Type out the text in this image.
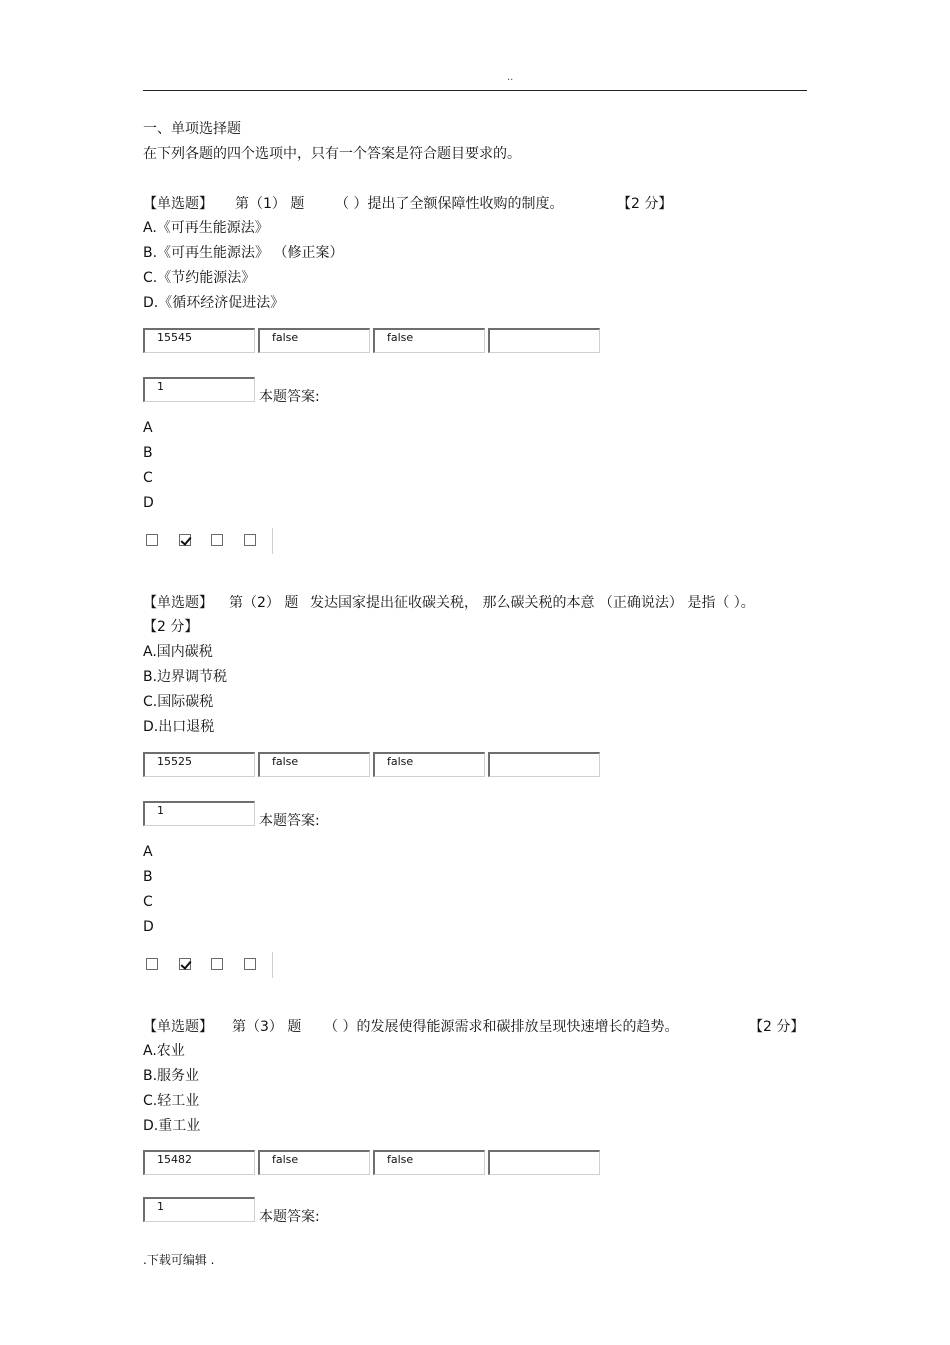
..
一、单项选择题
在下列各题的四个选项中，只有一个答案是符合题目要求的。
【单选题】 第（1） 题 （ ）提出了全额保障性收购的制度。	【2 分】
A.《可再生能源法》
B.《可再生能源法》 （修正案）
C.《节约能源法》
D.《循环经济促进法》
15545	false	false
1
本题答案:
A
B
C
D
【单选题】 第（2） 题 发达国家提出征收碳关税， 那么碳关税的本意 （正确说法） 是指（ ）。
【2 分】
A.国内碳税
B.边界调节税
C.国际碳税
D.出口退税
15525	false	false
1
本题答案:
A
B
C
D
【单选题】 第（3） 题 （ ）的发展使得能源需求和碳排放呈现快速增长的趋势。	【2 分】
A.农业
B.服务业
C.轻工业
D.重工业
15482	false	false
1
本题答案:
.下载可编辑 .
